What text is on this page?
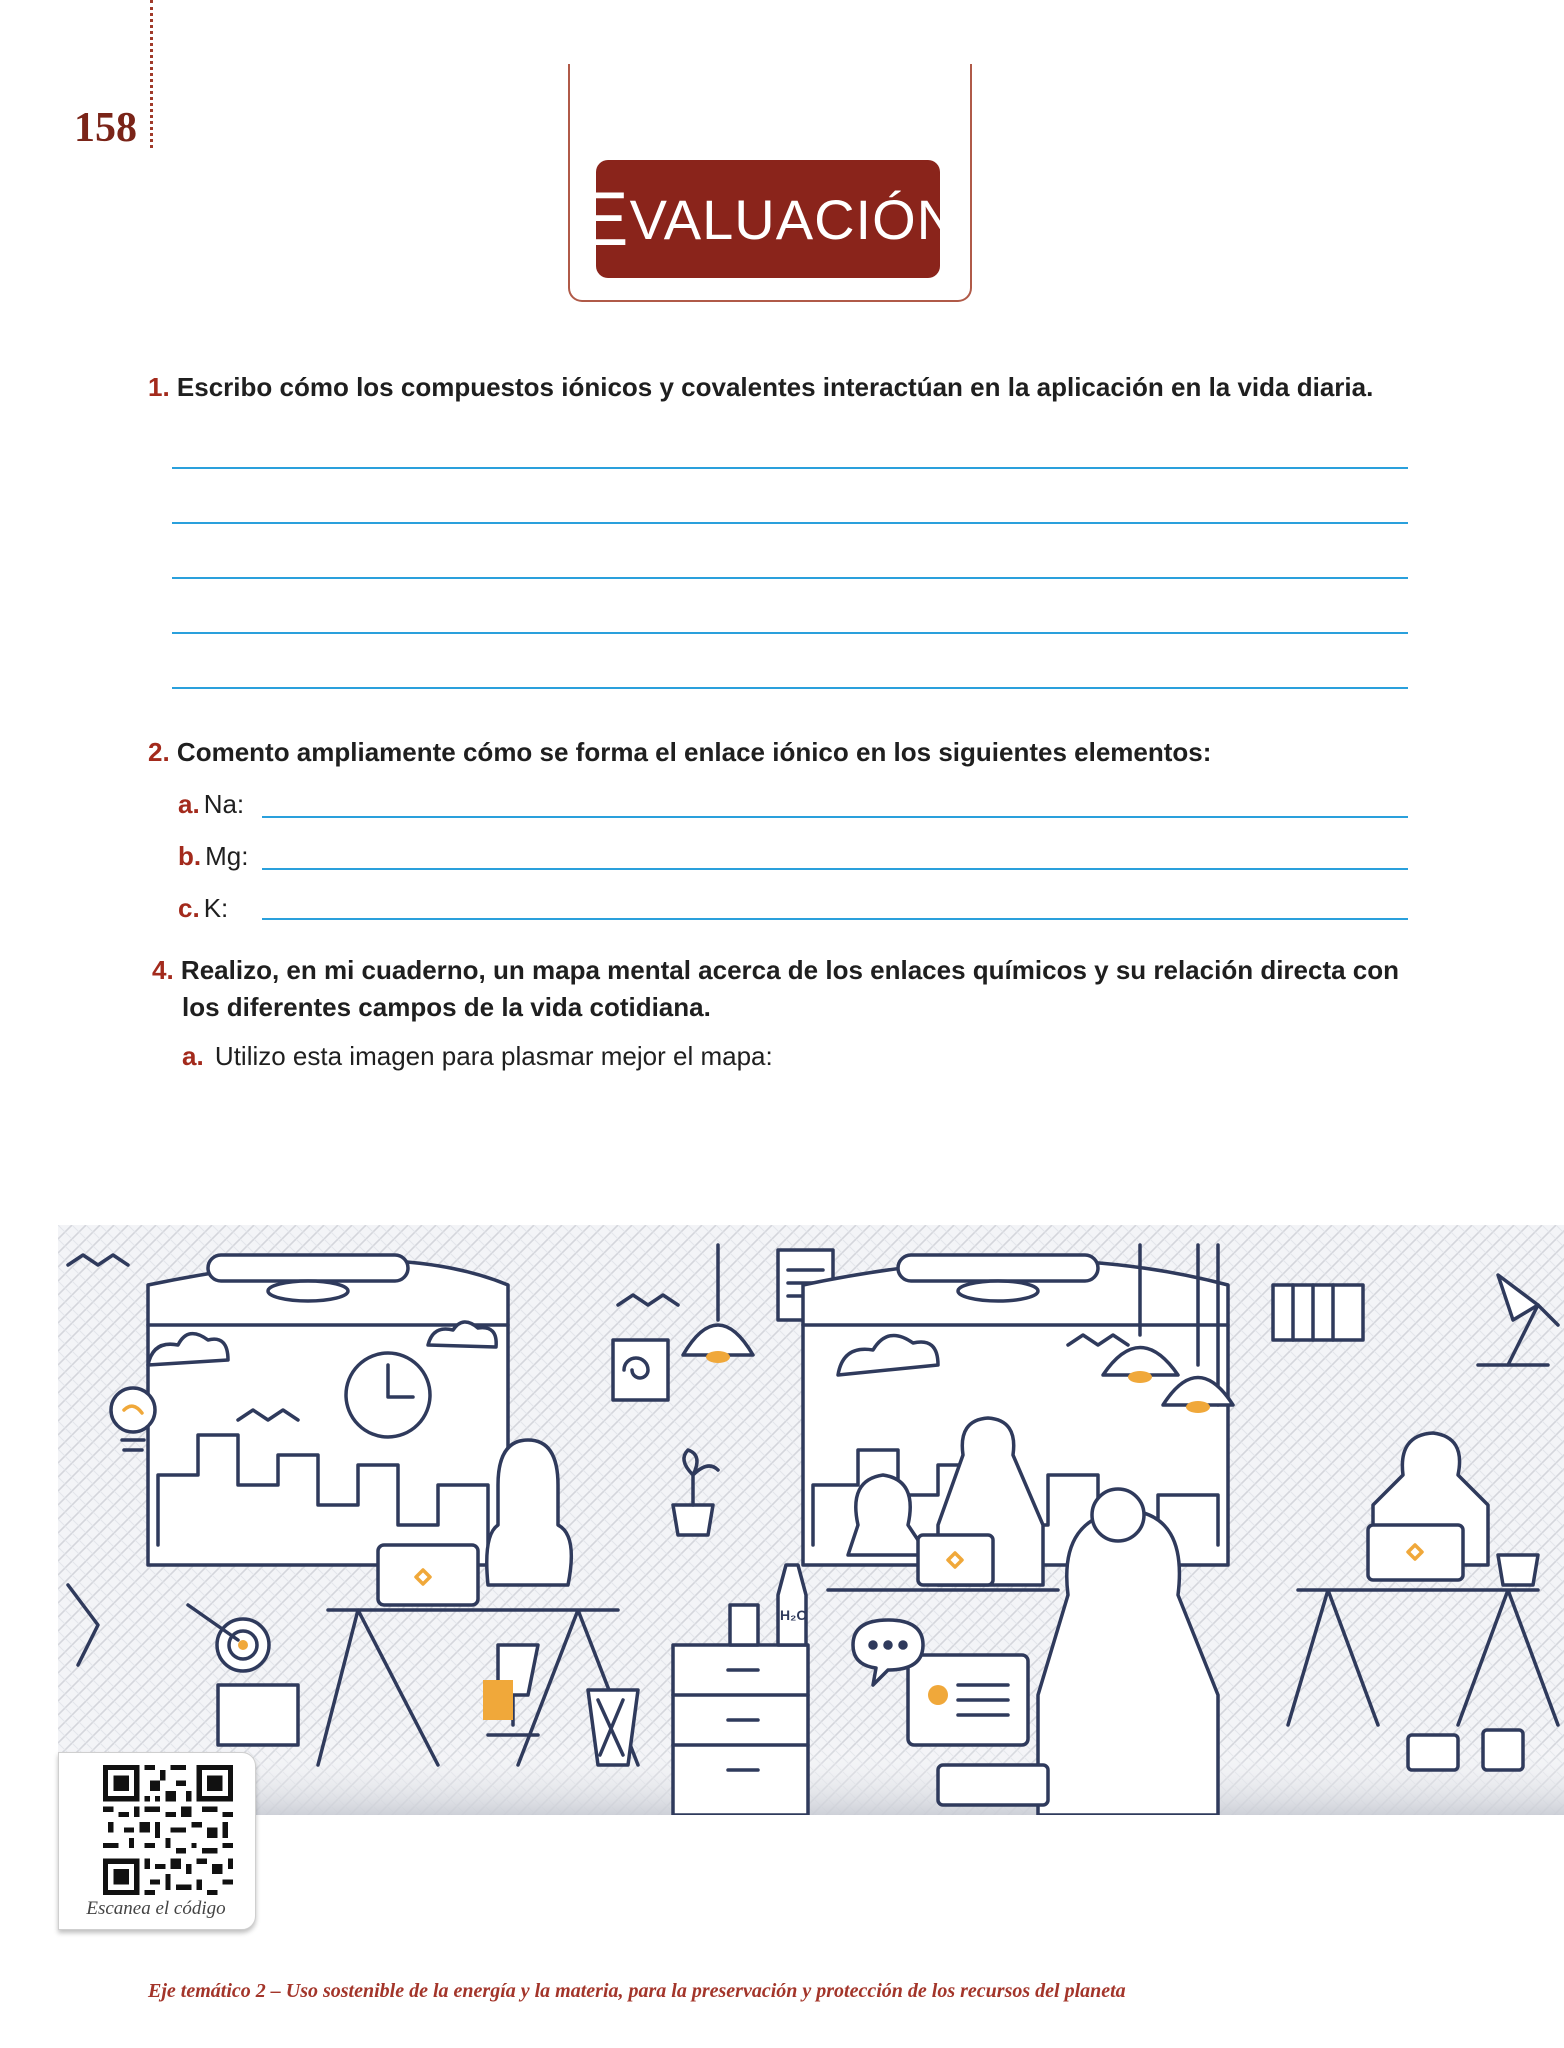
158
E VALUACIÓN
1. Escribo cómo los compuestos iónicos y covalentes interactúan en la aplicación en la vida diaria.
2. Comento ampliamente cómo se forma el enlace iónico en los siguientes elementos:
a. Na:
b. Mg:
c. K:
4. Realizo, en mi cuaderno, un mapa mental acerca de los enlaces químicos y su relación directa con
los diferentes campos de la vida cotidiana.
a. Utilizo esta imagen para plasmar mejor el mapa:
H₂O
Escanea el código
Eje temático 2 – Uso sostenible de la energía y la materia, para la preservación y protección de los recursos del planeta
